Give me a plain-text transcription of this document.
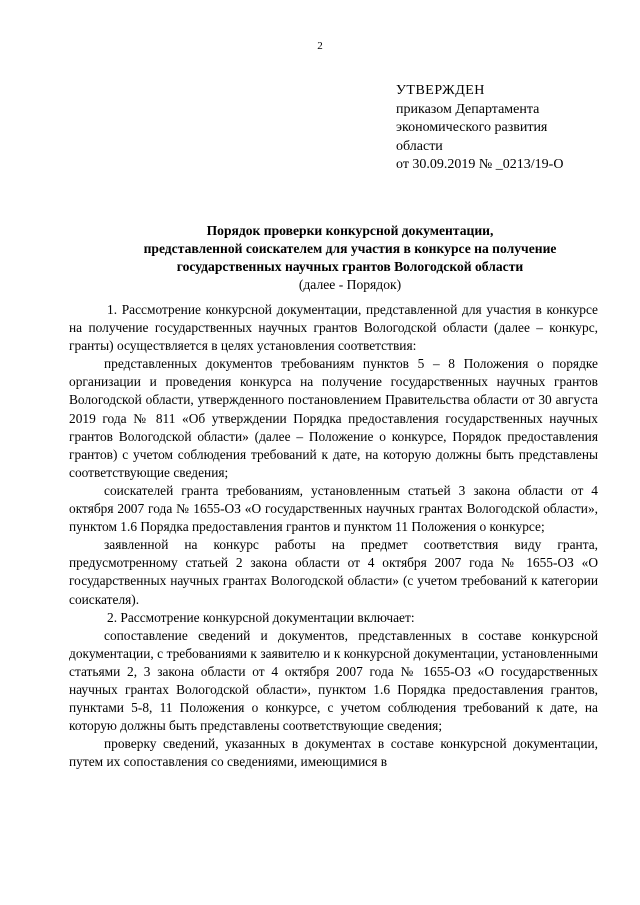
2
УТВЕРЖДЕН
приказом Департамента
экономического развития
области
от 30.09.2019 № _0213/19-О
Порядок проверки конкурсной документации,
представленной соискателем для участия в конкурсе на получение
государственных научных грантов Вологодской области
(далее - Порядок)

1. Рассмотрение конкурсной документации, представленной для участия в конкурсе на получение государственных научных грантов Вологодской области (далее – конкурс, гранты) осуществляется в целях установления соответствия:

представленных документов требованиям пунктов 5 – 8 Положения о порядке организации и проведения конкурса на получение государственных научных грантов Вологодской области, утвержденного постановлением Правительства области от 30 августа 2019 года № 811 «Об утверждении Порядка предоставления государственных научных грантов Вологодской области» (далее – Положение о конкурсе, Порядок предоставления грантов) с учетом соблюдения требований к дате, на которую должны быть представлены соответствующие сведения;

соискателей гранта требованиям, установленным статьей 3 закона области от 4 октября 2007 года № 1655-ОЗ «О государственных научных грантах Вологодской области», пунктом 1.6 Порядка предоставления грантов и пунктом 11 Положения о конкурсе;

заявленной на конкурс работы на предмет соответствия виду гранта, предусмотренному статьей 2 закона области от 4 октября 2007 года № 1655-ОЗ «О государственных научных грантах Вологодской области» (с учетом требований к категории соискателя).

2. Рассмотрение конкурсной документации включает:

сопоставление сведений и документов, представленных в составе конкурсной документации, с требованиями к заявителю и к конкурсной документации, установленными статьями 2, 3 закона области от 4 октября 2007 года № 1655-ОЗ «О государственных научных грантах Вологодской области», пунктом 1.6 Порядка предоставления грантов, пунктами 5-8, 11 Положения о конкурсе, с учетом соблюдения требований к дате, на которую должны быть представлены соответствующие сведения;

проверку сведений, указанных в документах в составе конкурсной документации, путем их сопоставления со сведениями, имеющимися в
